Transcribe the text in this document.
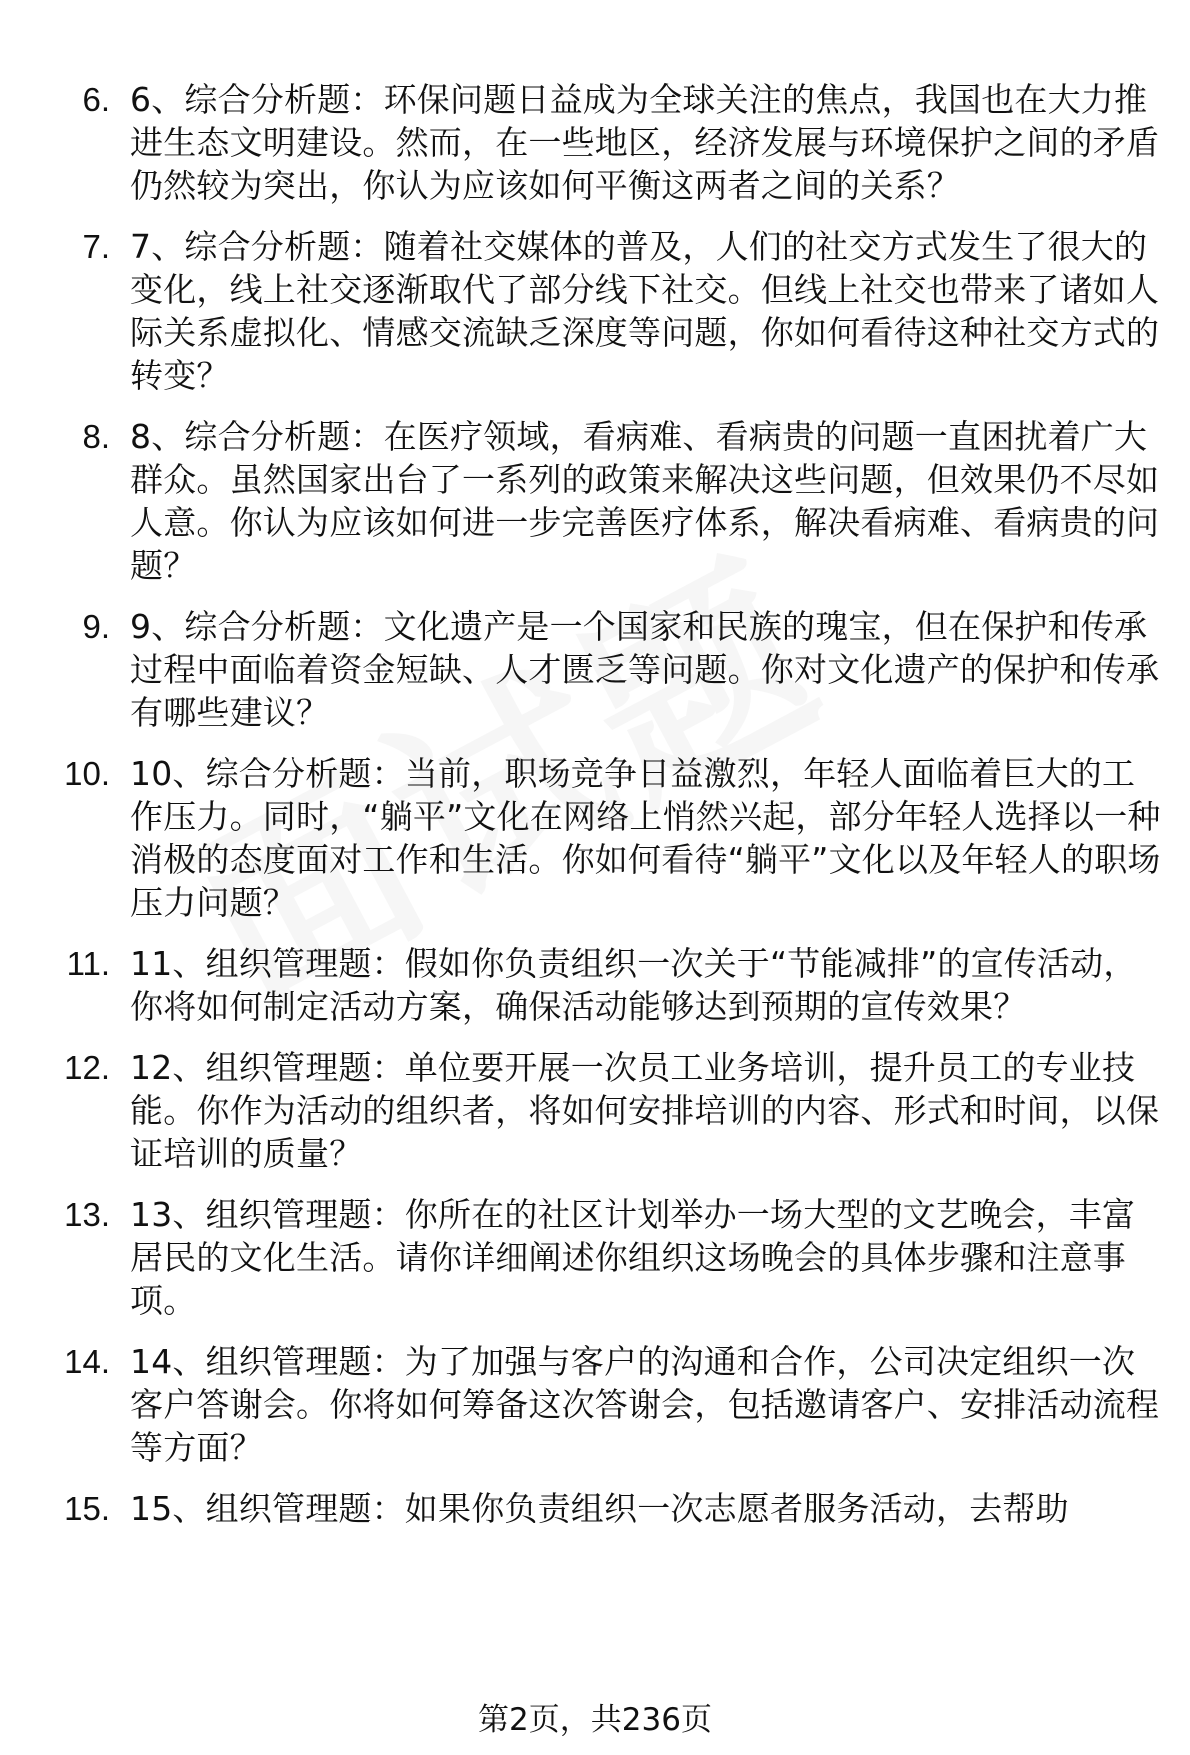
6. 6、综合分析题：环保问题日益成为全球关注的焦点，我国也在大力推进生态文明建设。然而，在一些地区，经济发展与环境保护之间的矛盾仍然较为突出，你认为应该如何平衡这两者之间的关系？
7. 7、综合分析题：随着社交媒体的普及，人们的社交方式发生了很大的变化，线上社交逐渐取代了部分线下社交。但线上社交也带来了诸如人际关系虚拟化、情感交流缺乏深度等问题，你如何看待这种社交方式的转变？
8. 8、综合分析题：在医疗领域，看病难、看病贵的问题一直困扰着广大群众。虽然国家出台了一系列的政策来解决这些问题，但效果仍不尽如人意。你认为应该如何进一步完善医疗体系，解决看病难、看病贵的问题？
9. 9、综合分析题：文化遗产是一个国家和民族的瑰宝，但在保护和传承过程中面临着资金短缺、人才匮乏等问题。你对文化遗产的保护和传承有哪些建议？
10. 10、综合分析题：当前，职场竞争日益激烈，年轻人面临着巨大的工作压力。同时，“躺平”文化在网络上悄然兴起，部分年轻人选择以一种消极的态度面对工作和生活。你如何看待“躺平”文化以及年轻人的职场压力问题？
11. 11、组织管理题：假如你负责组织一次关于“节能减排”的宣传活动，你将如何制定活动方案，确保活动能够达到预期的宣传效果？
12. 12、组织管理题：单位要开展一次员工业务培训，提升员工的专业技能。你作为活动的组织者，将如何安排培训的内容、形式和时间，以保证培训的质量？
13. 13、组织管理题：你所在的社区计划举办一场大型的文艺晚会，丰富居民的文化生活。请你详细阐述你组织这场晚会的具体步骤和注意事项。
14. 14、组织管理题：为了加强与客户的沟通和合作，公司决定组织一次客户答谢会。你将如何筹备这次答谢会，包括邀请客户、安排活动流程等方面？
15. 15、组织管理题：如果你负责组织一次志愿者服务活动，去帮助
第2页，共236页
